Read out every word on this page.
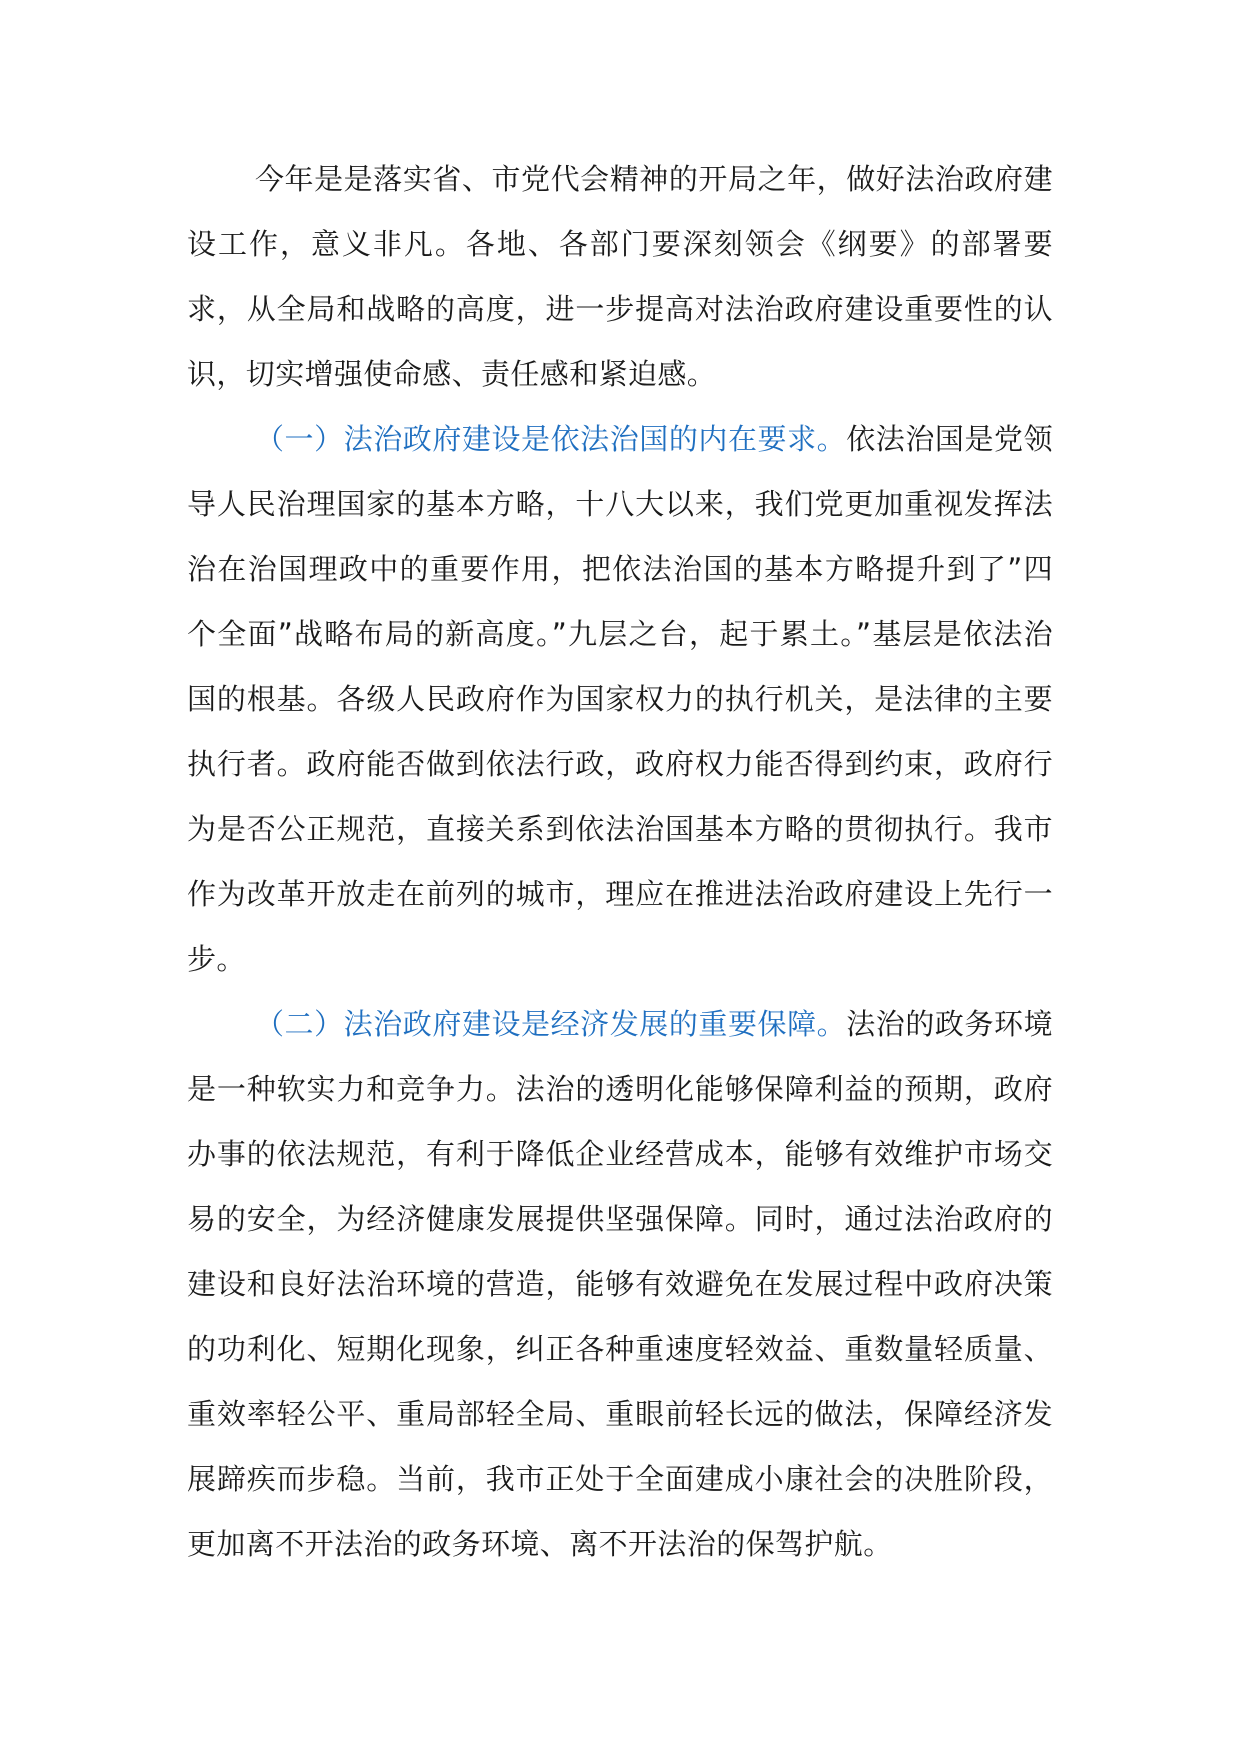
今年是是落实省、市党代会精神的开局之年，做好法治政府建设工作，意义非凡。各地、各部门要深刻领会《纲要》的部署要求，从全局和战略的高度，进一步提高对法治政府建设重要性的认识，切实增强使命感、责任感和紧迫感。

（一）法治政府建设是依法治国的内在要求。依法治国是党领导人民治理国家的基本方略，十八大以来，我们党更加重视发挥法治在治国理政中的重要作用，把依法治国的基本方略提升到了”四个全面”战略布局的新高度。”九层之台，起于累土。”基层是依法治国的根基。各级人民政府作为国家权力的执行机关，是法律的主要执行者。政府能否做到依法行政，政府权力能否得到约束，政府行为是否公正规范，直接关系到依法治国基本方略的贯彻执行。我市作为改革开放走在前列的城市，理应在推进法治政府建设上先行一步。

（二）法治政府建设是经济发展的重要保障。法治的政务环境是一种软实力和竞争力。法治的透明化能够保障利益的预期，政府办事的依法规范，有利于降低企业经营成本，能够有效维护市场交易的安全，为经济健康发展提供坚强保障。同时，通过法治政府的建设和良好法治环境的营造，能够有效避免在发展过程中政府决策的功利化、短期化现象，纠正各种重速度轻效益、重数量轻质量、重效率轻公平、重局部轻全局、重眼前轻长远的做法，保障经济发展蹄疾而步稳。当前，我市正处于全面建成小康社会的决胜阶段，更加离不开法治的政务环境、离不开法治的保驾护航。
